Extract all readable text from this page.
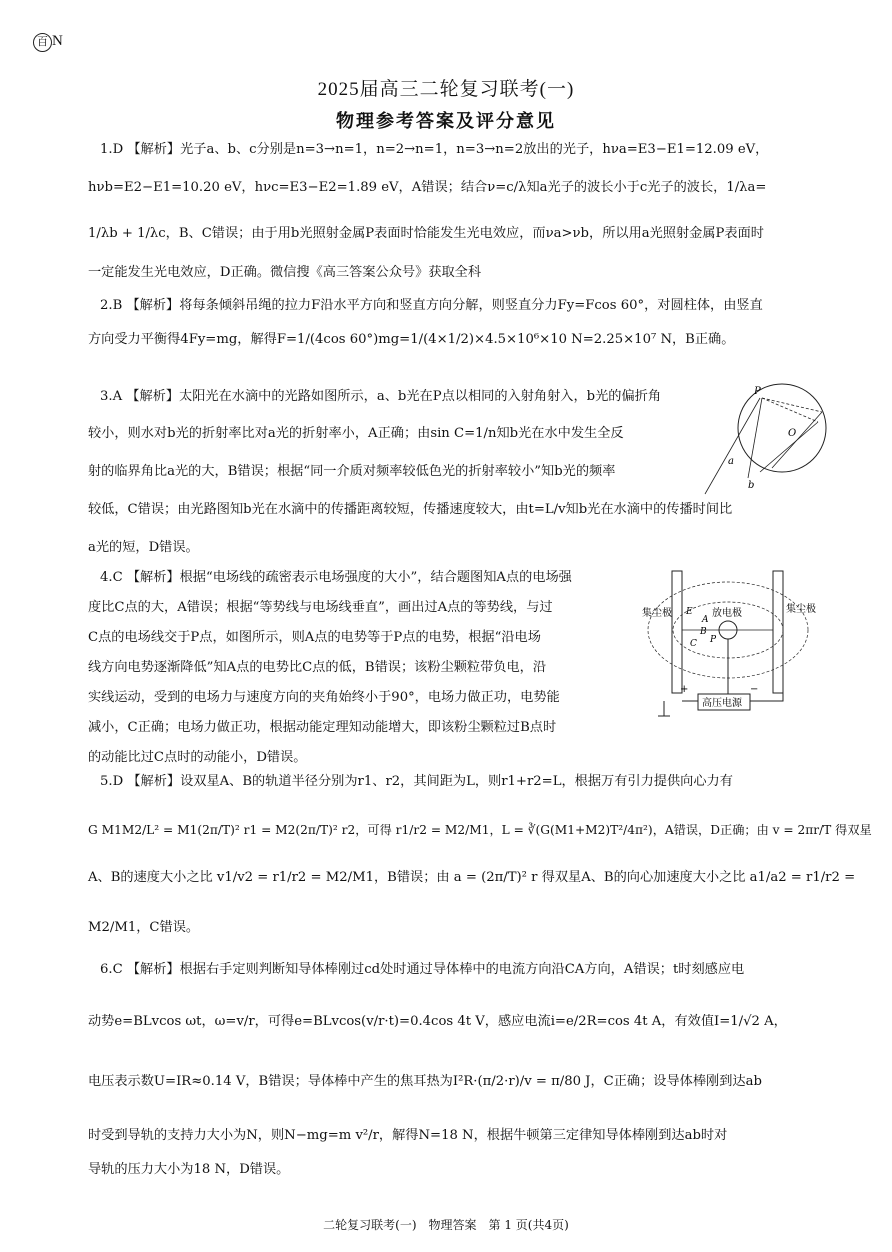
百 N
2025届高三二轮复习联考(一)
物理参考答案及评分意见
1.D 【解析】光子a、b、c分别是n=3→n=1，n=2→n=1，n=3→n=2放出的光子，hνa=E3−E1=12.09 eV，
hνb=E2−E1=10.20 eV，hνc=E3−E2=1.89 eV，A错误；结合ν=c/λ知a光子的波长小于c光子的波长，1/λa=
1/λb + 1/λc，B、C错误；由于用b光照射金属P表面时恰能发生光电效应，而νa>νb，所以用a光照射金属P表面时
一定能发生光电效应，D正确。微信搜《高三答案公众号》获取全科
2.B 【解析】将每条倾斜吊绳的拉力F沿水平方向和竖直方向分解，则竖直分力Fy=Fcos 60°，对圆柱体，由竖直
方向受力平衡得4Fy=mg，解得F=1/(4cos 60°)mg=1/(4×1/2)×4.5×10⁶×10 N=2.25×10⁷ N，B正确。
3.A 【解析】太阳光在水滴中的光路如图所示，a、b光在P点以相同的入射角射入，b光的偏折角
较小，则水对b光的折射率比对a光的折射率小，A正确；由sin C=1/n知b光在水中发生全反
射的临界角比a光的大，B错误；根据“同一介质对频率较低色光的折射率较小”知b光的频率
较低，C错误；由光路图知b光在水滴中的传播距离较短，传播速度较大，由t=L/v知b光在水滴中的传播时间比
a光的短，D错误。
P
O
a
b
4.C 【解析】根据“电场线的疏密表示电场强度的大小”，结合题图知A点的电场强
度比C点的大，A错误；根据“等势线与电场线垂直”，画出过A点的等势线，与过
C点的电场线交于P点，如图所示，则A点的电势等于P点的电势，根据“沿电场
线方向电势逐渐降低”知A点的电势比C点的低，B错误；该粉尘颗粒带负电，沿
实线运动，受到的电场力与速度方向的夹角始终小于90°，电场力做正功，电势能
减小，C正确；电场力做正功，根据动能定理知动能增大，即该粉尘颗粒过B点时
的动能比过C点时的动能小，D错误。
高压电源
+	−
集尘极	放电极	集尘极
E
A
B
C P
5.D 【解析】设双星A、B的轨道半径分别为r1、r2，其间距为L，则r1+r2=L，根据万有引力提供向心力有
G M1M2/L² = M1(2π/T)² r1 = M2(2π/T)² r2，可得 r1/r2 = M2/M1，L = ∛(G(M1+M2)T²/4π²)，A错误，D正确；由 v = 2πr/T 得双星
A、B的速度大小之比 v1/v2 = r1/r2 = M2/M1，B错误；由 a = (2π/T)² r 得双星A、B的向心加速度大小之比 a1/a2 = r1/r2 =
M2/M1，C错误。
6.C 【解析】根据右手定则判断知导体棒刚过cd处时通过导体棒中的电流方向沿CA方向，A错误；t时刻感应电
动势e=BLvcos ωt，ω=v/r，可得e=BLvcos(v/r·t)=0.4cos 4t V，感应电流i=e/2R=cos 4t A，有效值I=1/√2 A，
电压表示数U=IR≈0.14 V，B错误；导体棒中产生的焦耳热为I²R·(π/2·r)/v = π/80 J，C正确；设导体棒刚到达ab
时受到导轨的支持力大小为N，则N−mg=m v²/r，解得N=18 N，根据牛顿第三定律知导体棒刚到达ab时对
导轨的压力大小为18 N，D错误。
二轮复习联考(一)　物理答案　第 1 页(共4页)
